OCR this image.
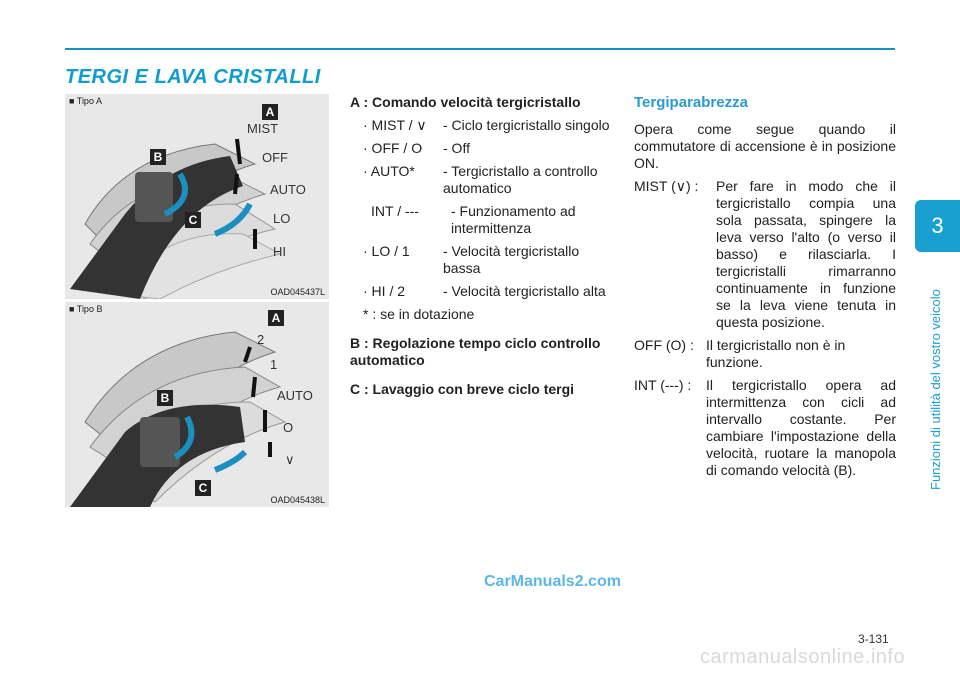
TERGI E LAVA CRISTALLI
3
Funzioni di utilità del vostro veicolo
■ Tipo A
A
B
C
MIST
OFF
AUTO
LO
HI
OAD045437L
■ Tipo B
A
B
C
2
1
AUTO
O
∨
OAD045438L
A : Comando velocità tergicristallo
· MIST / ∨	- Ciclo tergicristallo singolo
· OFF / O	- Off
· AUTO*	- Tergicristallo a controllo automatico
INT / ---	- Funzionamento ad intermittenza
· LO / 1	- Velocità tergicristallo bassa
· HI / 2	- Velocità tergicristallo alta
* : se in dotazione
B : Regolazione tempo ciclo controllo automatico
C : Lavaggio con breve ciclo tergi
Tergiparabrezza
Opera come segue quando il commutatore di accensione è in posizione ON.
MIST (∨) :	Per fare in modo che il tergicristallo compia una sola passata, spingere la leva verso l'alto (o verso il basso) e rilasciarla. I tergicristalli rimarranno continuamente in funzione se la leva viene tenuta in questa posizione.
OFF (O) : Il tergicristallo non è in funzione.
INT (---) :	Il tergicristallo opera ad intermittenza con cicli ad intervallo costante. Per cambiare l'impostazione della velocità, ruotare la manopola di comando velocità (B).
CarManuals2.com
3-131
carmanualsonline.info
